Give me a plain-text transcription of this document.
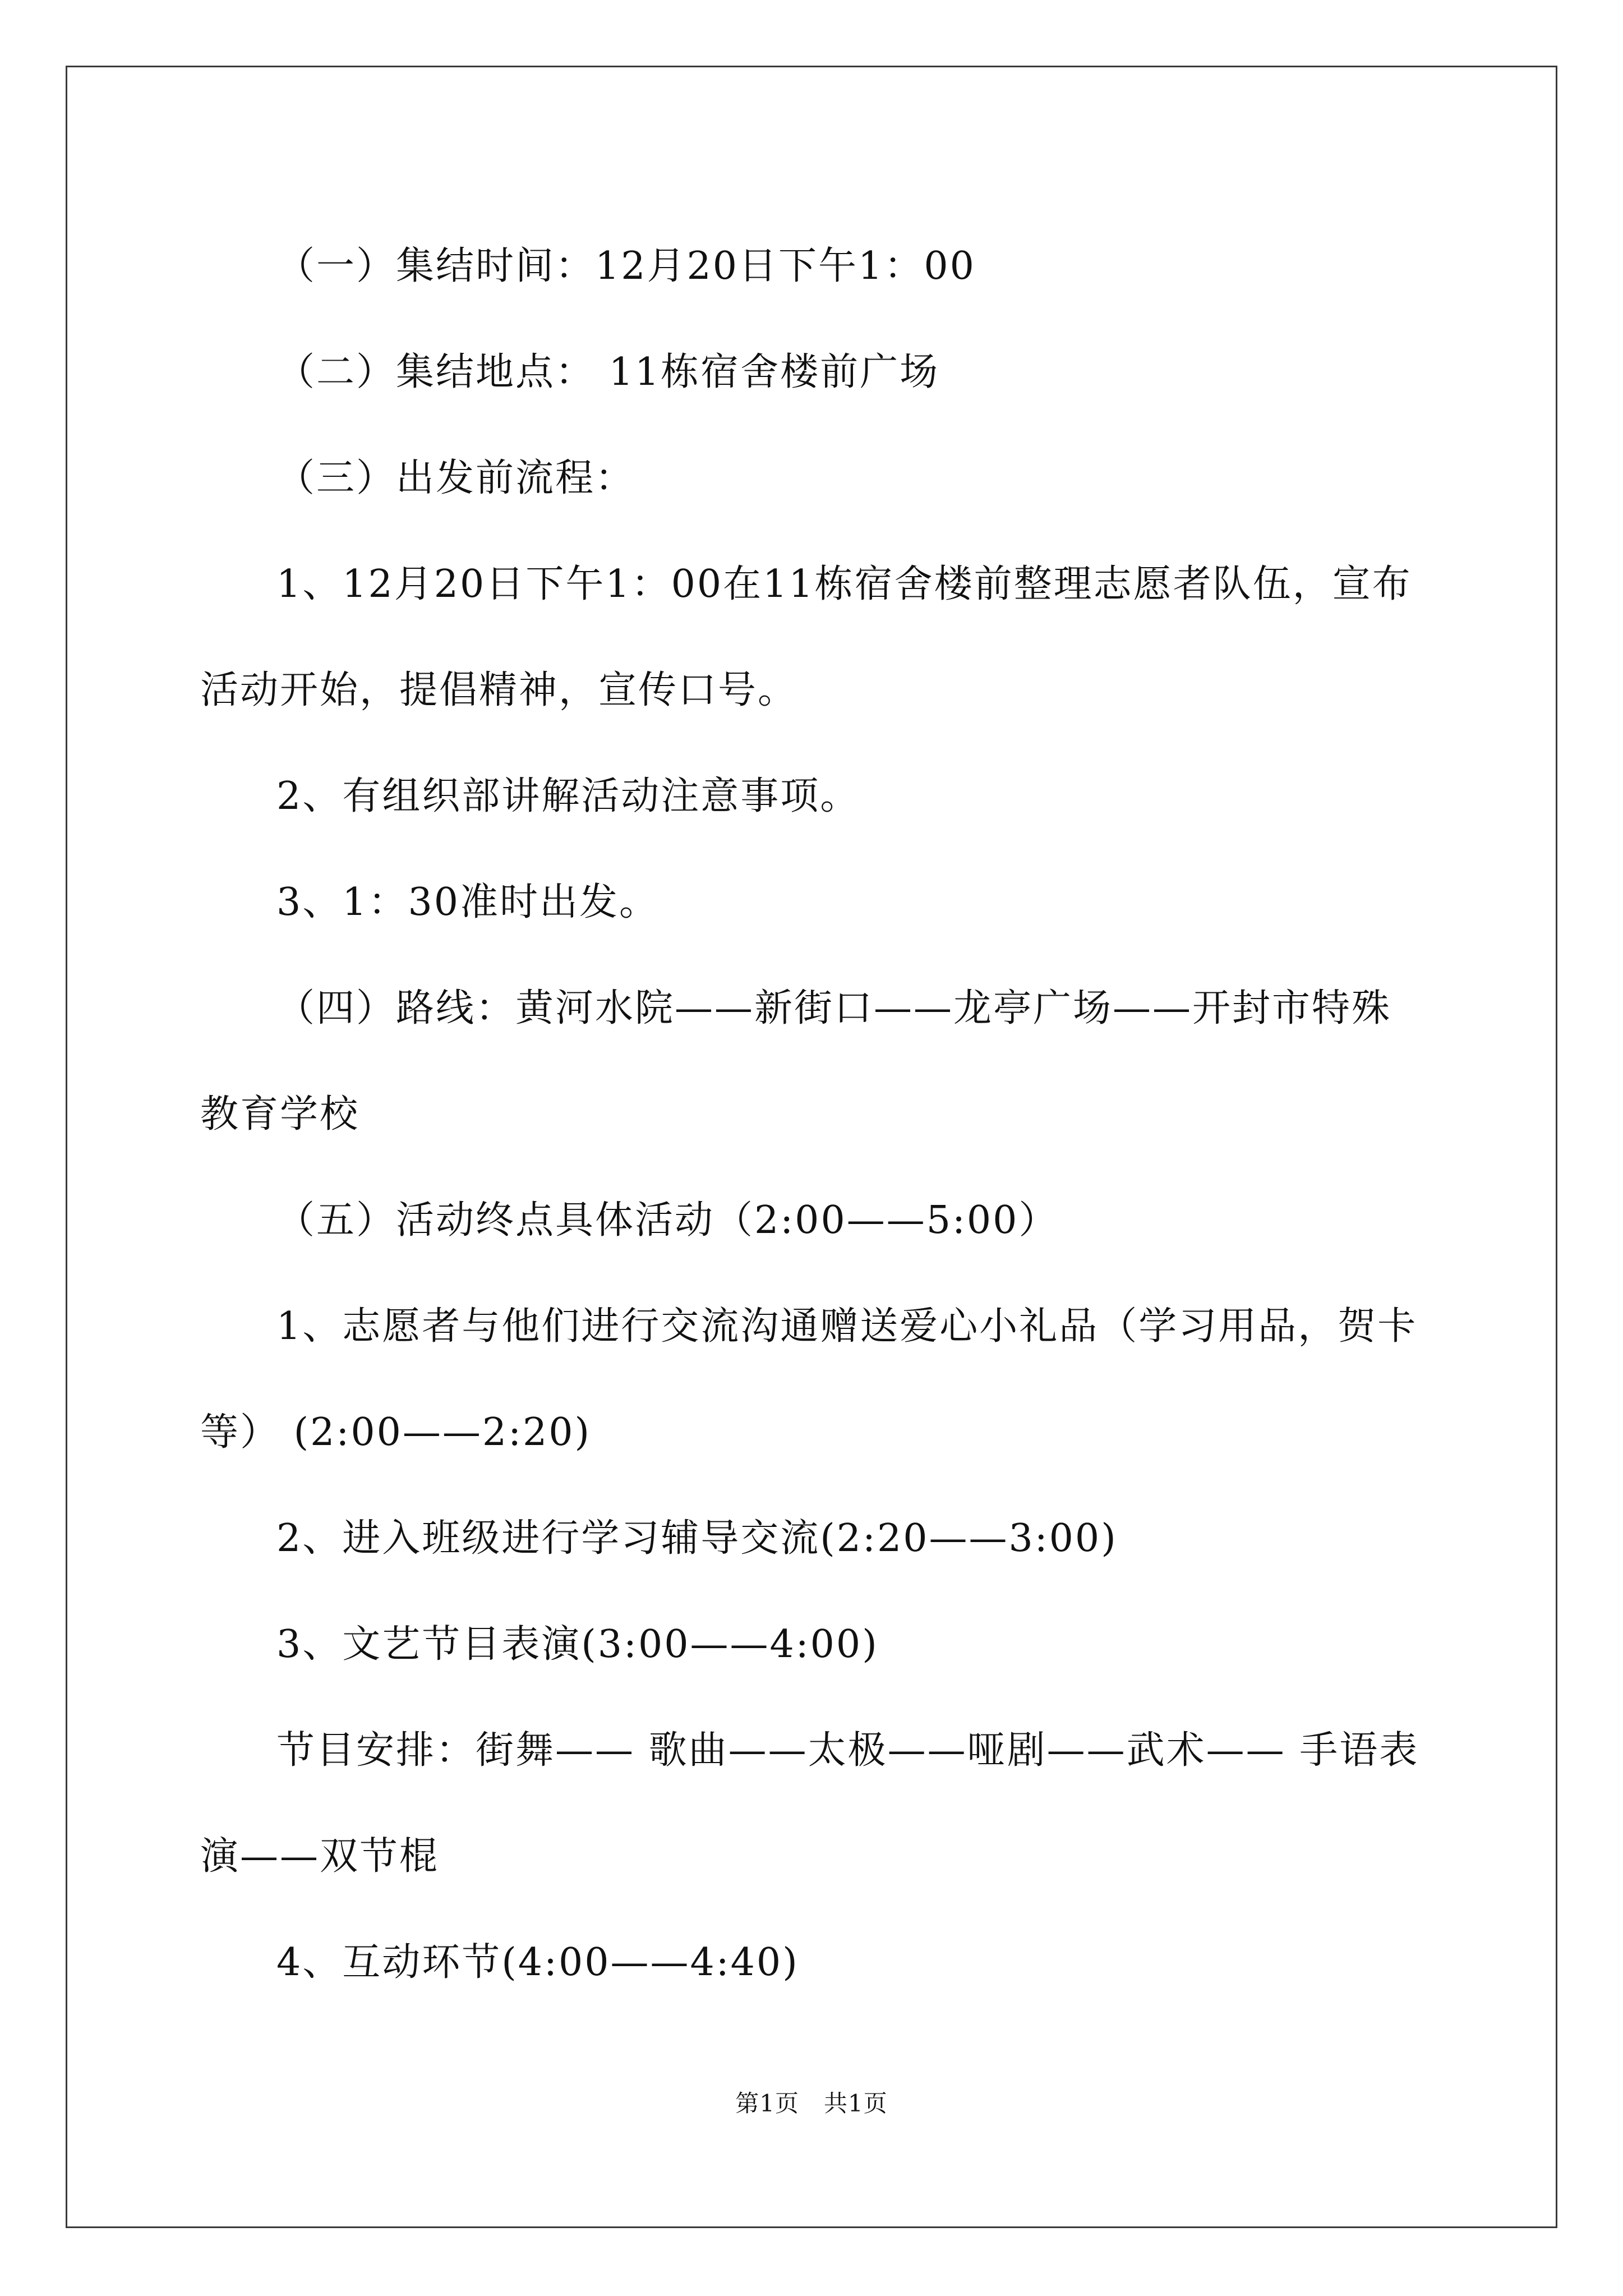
（一）集结时间：12月20日下午1：00

（二）集结地点： 11栋宿舍楼前广场

（三）出发前流程：

1、12月20日下午1：00在11栋宿舍楼前整理志愿者队伍，宣布活动开始，提倡精神，宣传口号。

2、有组织部讲解活动注意事项。

3、1：30准时出发。

（四）路线：黄河水院——新街口——龙亭广场——开封市特殊教育学校

（五）活动终点具体活动（2:00——5:00）

1、志愿者与他们进行交流沟通赠送爱心小礼品（学习用品，贺卡等） (2:00——2:20)

2、进入班级进行学习辅导交流(2:20——3:00)

3、文艺节目表演(3:00——4:00)

节目安排：街舞—— 歌曲——太极——哑剧——武术—— 手语表演——双节棍

4、互动环节(4:00——4:40)

第1页 共1页
